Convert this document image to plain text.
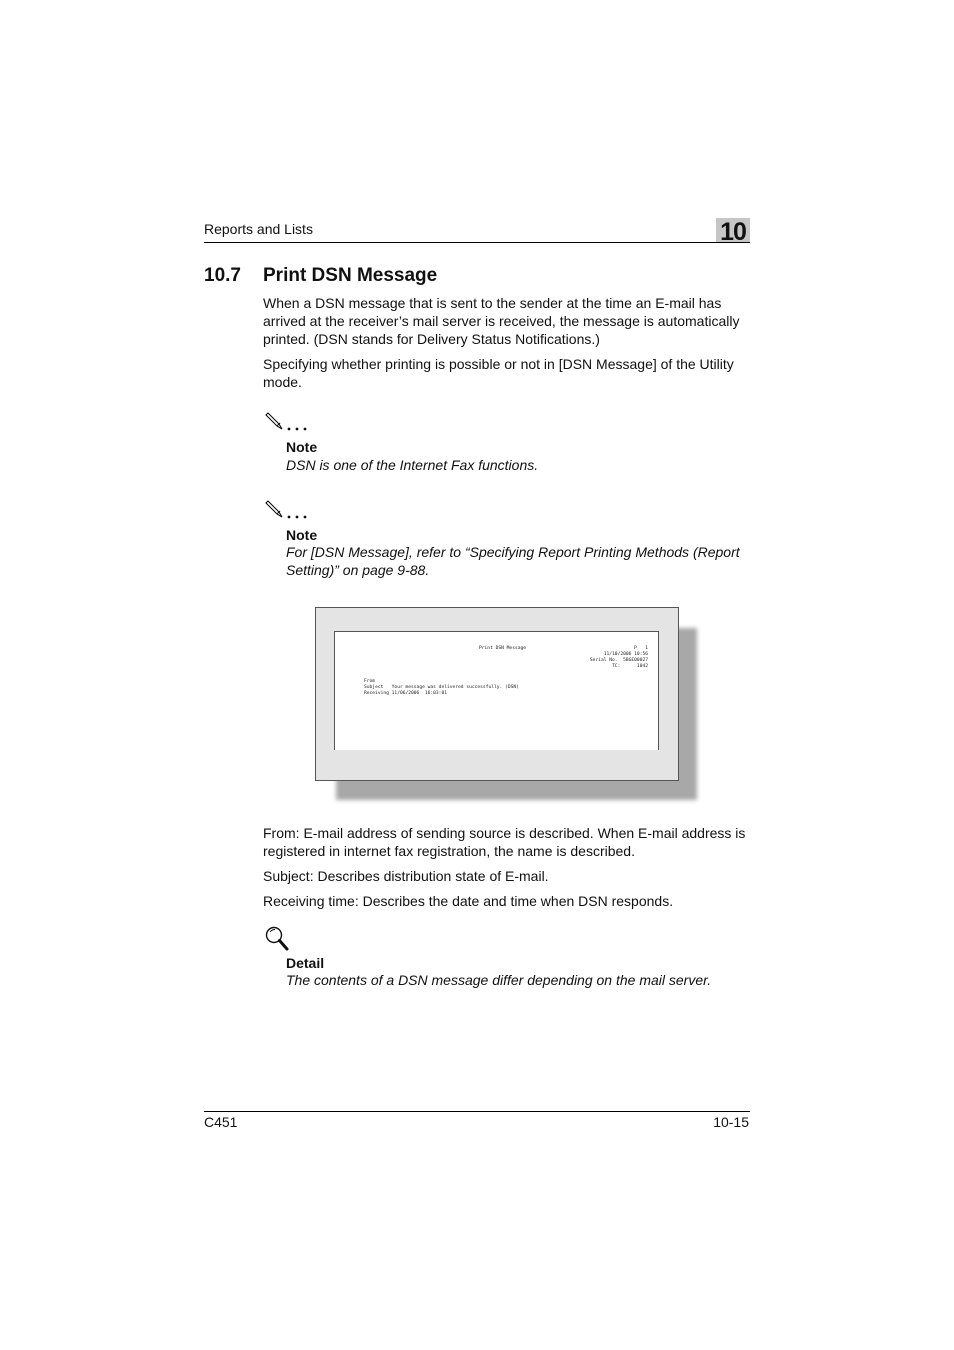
Reports and Lists	10
10.7 Print DSN Message

When a DSN message that is sent to the sender at the time an E-mail has arrived at the receiver’s mail server is received, the message is automatically printed. (DSN stands for Delivery Status Notifications.)

Specifying whether printing is possible or not in [DSN Message] of the Utility mode.

Note

DSN is one of the Internet Fax functions.

Note

For [DSN Message], refer to “Specifying Report Printing Methods (Report Setting)” on page 9-88.

Print DSN Message	P   1
11/10/2006 10:56
Serial No.  5BGE00027
TC:      1042
From
Subject   Your message was delivered successfully. (DSN)
Receiving 11/06/2006  16:03:01

From: E-mail address of sending source is described. When E-mail address is registered in internet fax registration, the name is described.

Subject: Describes distribution state of E-mail.

Receiving time: Describes the date and time when DSN responds.

Detail

The contents of a DSN message differ depending on the mail server.

C451	10-15
